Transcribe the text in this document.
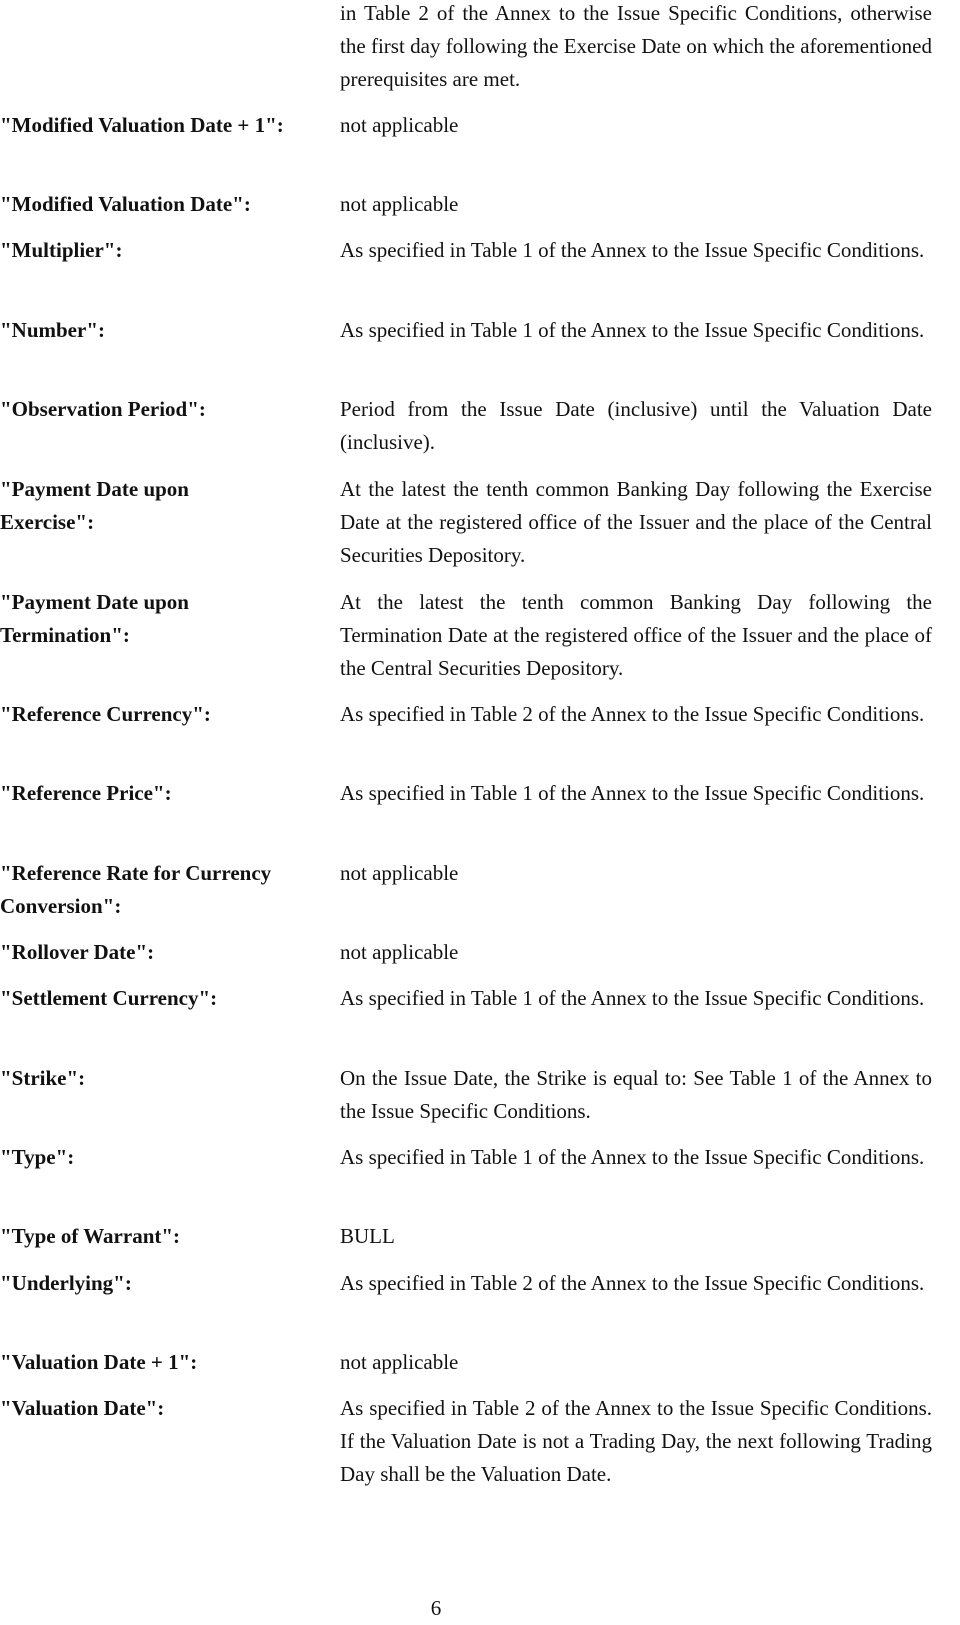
in Table 2 of the Annex to the Issue Specific Conditions, otherwise the first day following the Exercise Date on which the aforementioned prerequisites are met.
"Modified Valuation Date + 1":	not applicable
"Modified Valuation Date":	not applicable
"Multiplier":	As specified in Table 1 of the Annex to the Issue Specific Conditions.
"Number":	As specified in Table 1 of the Annex to the Issue Specific Conditions.
"Observation Period":	Period from the Issue Date (inclusive) until the Valuation Date (inclusive).
"Payment Date upon Exercise":
At the latest the tenth common Banking Day following the Exercise Date at the registered office of the Issuer and the place of the Central Securities Depository.
"Payment Date upon Termination":
At the latest the tenth common Banking Day following the Termination Date at the registered office of the Issuer and the place of the Central Securities Depository.
"Reference Currency":	As specified in Table 2 of the Annex to the Issue Specific Conditions.
"Reference Price":	As specified in Table 1 of the Annex to the Issue Specific Conditions.
"Reference Rate for Currency Conversion":
not applicable
"Rollover Date":	not applicable
"Settlement Currency":	As specified in Table 1 of the Annex to the Issue Specific Conditions.
"Strike":	On the Issue Date, the Strike is equal to: See Table 1 of the Annex to the Issue Specific Conditions.
"Type":	As specified in Table 1 of the Annex to the Issue Specific Conditions.
"Type of Warrant":	BULL
"Underlying":	As specified in Table 2 of the Annex to the Issue Specific Conditions.
"Valuation Date + 1":	not applicable
"Valuation Date":	As specified in Table 2 of the Annex to the Issue Specific Conditions. If the Valuation Date is not a Trading Day, the next following Trading Day shall be the Valuation Date.
6
